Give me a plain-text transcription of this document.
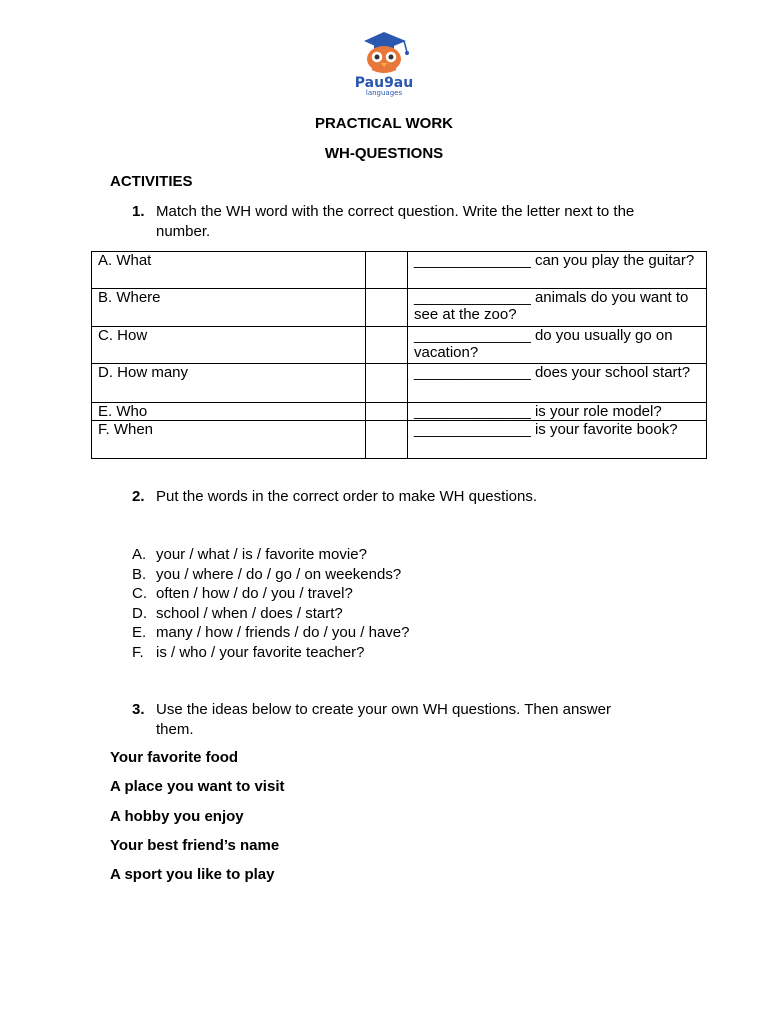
Pau9au
languages
PRACTICAL WORK
WH-QUESTIONS
ACTIVITIES
1. Match the WH word with the correct question. Write the letter next to the number.
A. What		______________ can you play the guitar?
B. Where		______________ animals do you want to see at the zoo?
C. How		______________ do you usually go on vacation?
D. How many		______________ does your school start?
E. Who		______________ is your role model?
F. When		______________ is your favorite book?
2. Put the words in the correct order to make WH questions.
A. your / what / is / favorite movie?
B. you / where / do / go / on weekends?
C. often / how / do / you / travel?
D. school / when / does / start?
E. many / how / friends / do / you / have?
F. is / who / your favorite teacher?
3. Use the ideas below to create your own WH questions. Then answer them.
Your favorite food
A place you want to visit
A hobby you enjoy
Your best friend’s name
A sport you like to play
